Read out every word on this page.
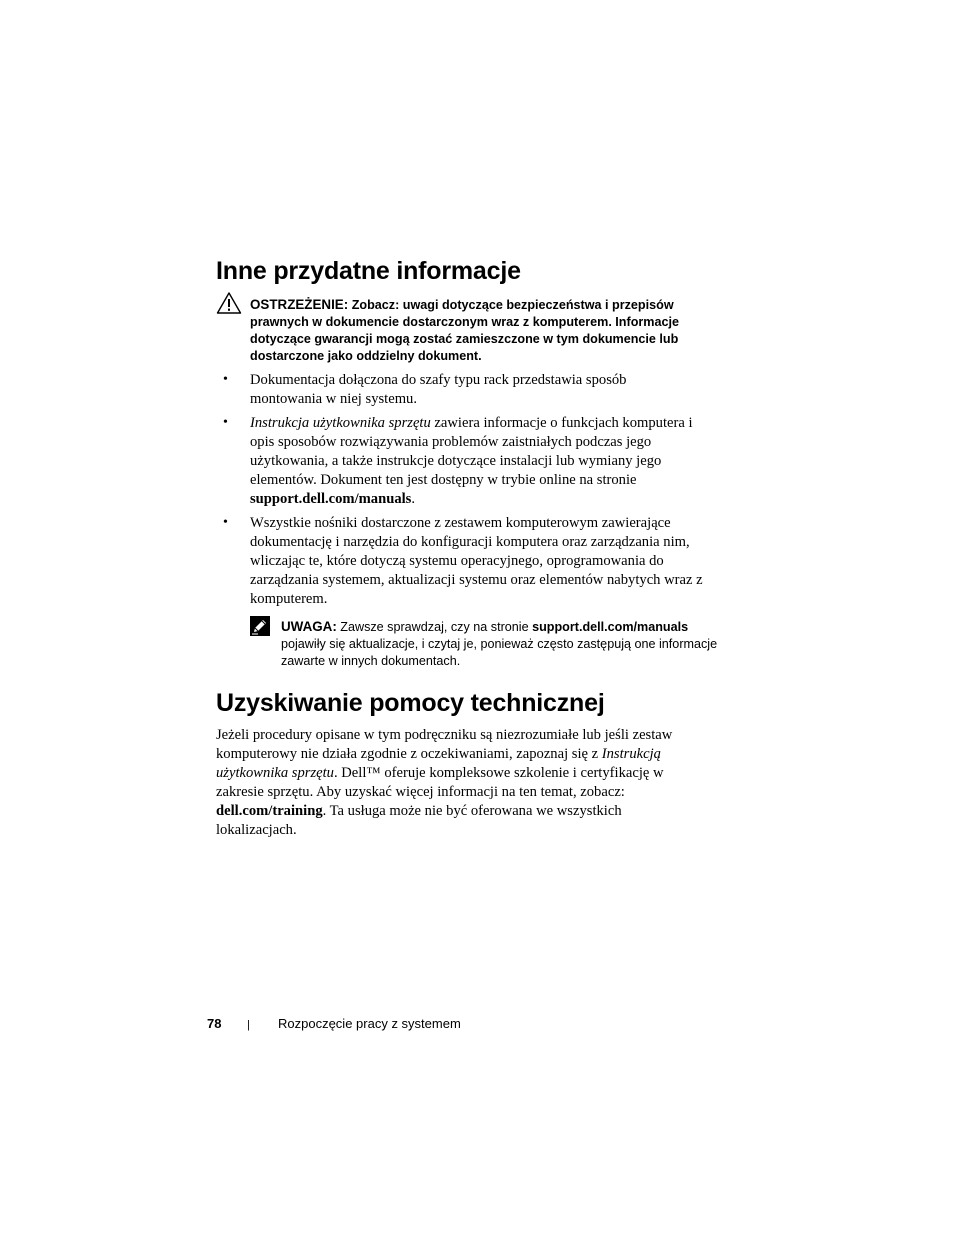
Inne przydatne informacje
OSTRZEŻENIE: Zobacz: uwagi dotyczące bezpieczeństwa i przepisów prawnych w dokumencie dostarczonym wraz z komputerem. Informacje dotyczące gwarancji mogą zostać zamieszczone w tym dokumencie lub dostarczone jako oddzielny dokument.
• Dokumentacja dołączona do szafy typu rack przedstawia sposób montowania w niej systemu.
• Instrukcja użytkownika sprzętu zawiera informacje o funkcjach komputera i opis sposobów rozwiązywania problemów zaistniałych podczas jego użytkowania, a także instrukcje dotyczące instalacji lub wymiany jego elementów. Dokument ten jest dostępny w trybie online na stronie support.dell.com/manuals.
• Wszystkie nośniki dostarczone z zestawem komputerowym zawierające dokumentację i narzędzia do konfiguracji komputera oraz zarządzania nim, wliczając te, które dotyczą systemu operacyjnego, oprogramowania do zarządzania systemem, aktualizacji systemu oraz elementów nabytych wraz z komputerem.
UWAGA: Zawsze sprawdzaj, czy na stronie support.dell.com/manuals pojawiły się aktualizacje, i czytaj je, ponieważ często zastępują one informacje zawarte w innych dokumentach.
Uzyskiwanie pomocy technicznej
Jeżeli procedury opisane w tym podręczniku są niezrozumiałe lub jeśli zestaw komputerowy nie działa zgodnie z oczekiwaniami, zapoznaj się z Instrukcją użytkownika sprzętu. Dell™ oferuje kompleksowe szkolenie i certyfikację w zakresie sprzętu. Aby uzyskać więcej informacji na ten temat, zobacz: dell.com/training. Ta usługa może nie być oferowana we wszystkich lokalizacjach.
78 | Rozpoczęcie pracy z systemem
